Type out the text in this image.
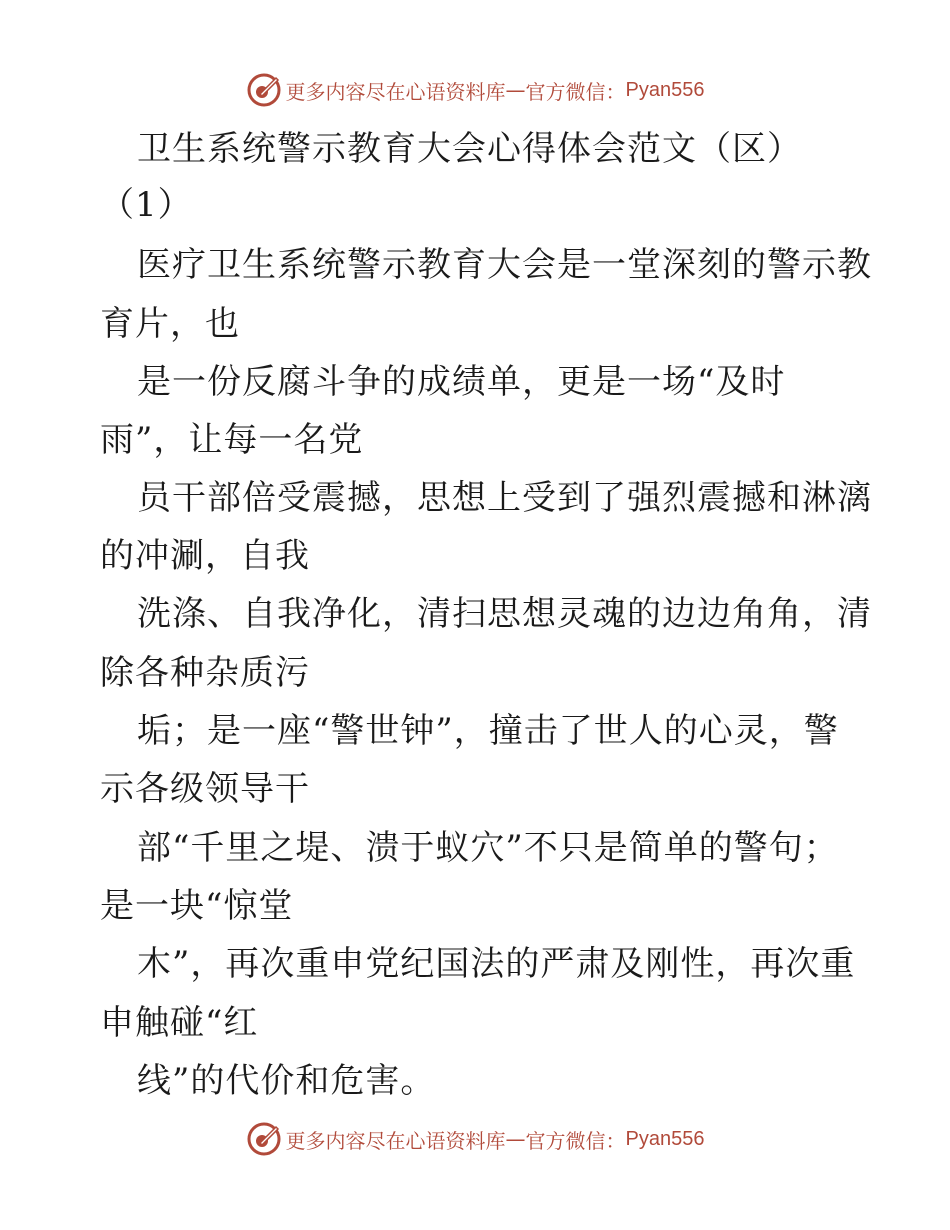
更多内容尽在心语资料库 — 官方微信： Pyan556
卫生系统警示教育大会心得体会范文（区）
（1）
医疗卫生系统警示教育大会是一堂深刻的警示教
育片，也
是一份反腐斗争的成绩单，更是一场“及时
雨”，让每一名党
员干部倍受震撼，思想上受到了强烈震撼和淋漓
的冲涮，自我
洗涤、自我净化，清扫思想灵魂的边边角角，清
除各种杂质污
垢；是一座“警世钟”，撞击了世人的心灵，警
示各级领导干
部“千里之堤、溃于蚁穴”不只是简单的警句；
是一块“惊堂
木”，再次重申党纪国法的严肃及刚性，再次重
申触碰“红
线”的代价和危害。
更多内容尽在心语资料库 — 官方微信： Pyan556
